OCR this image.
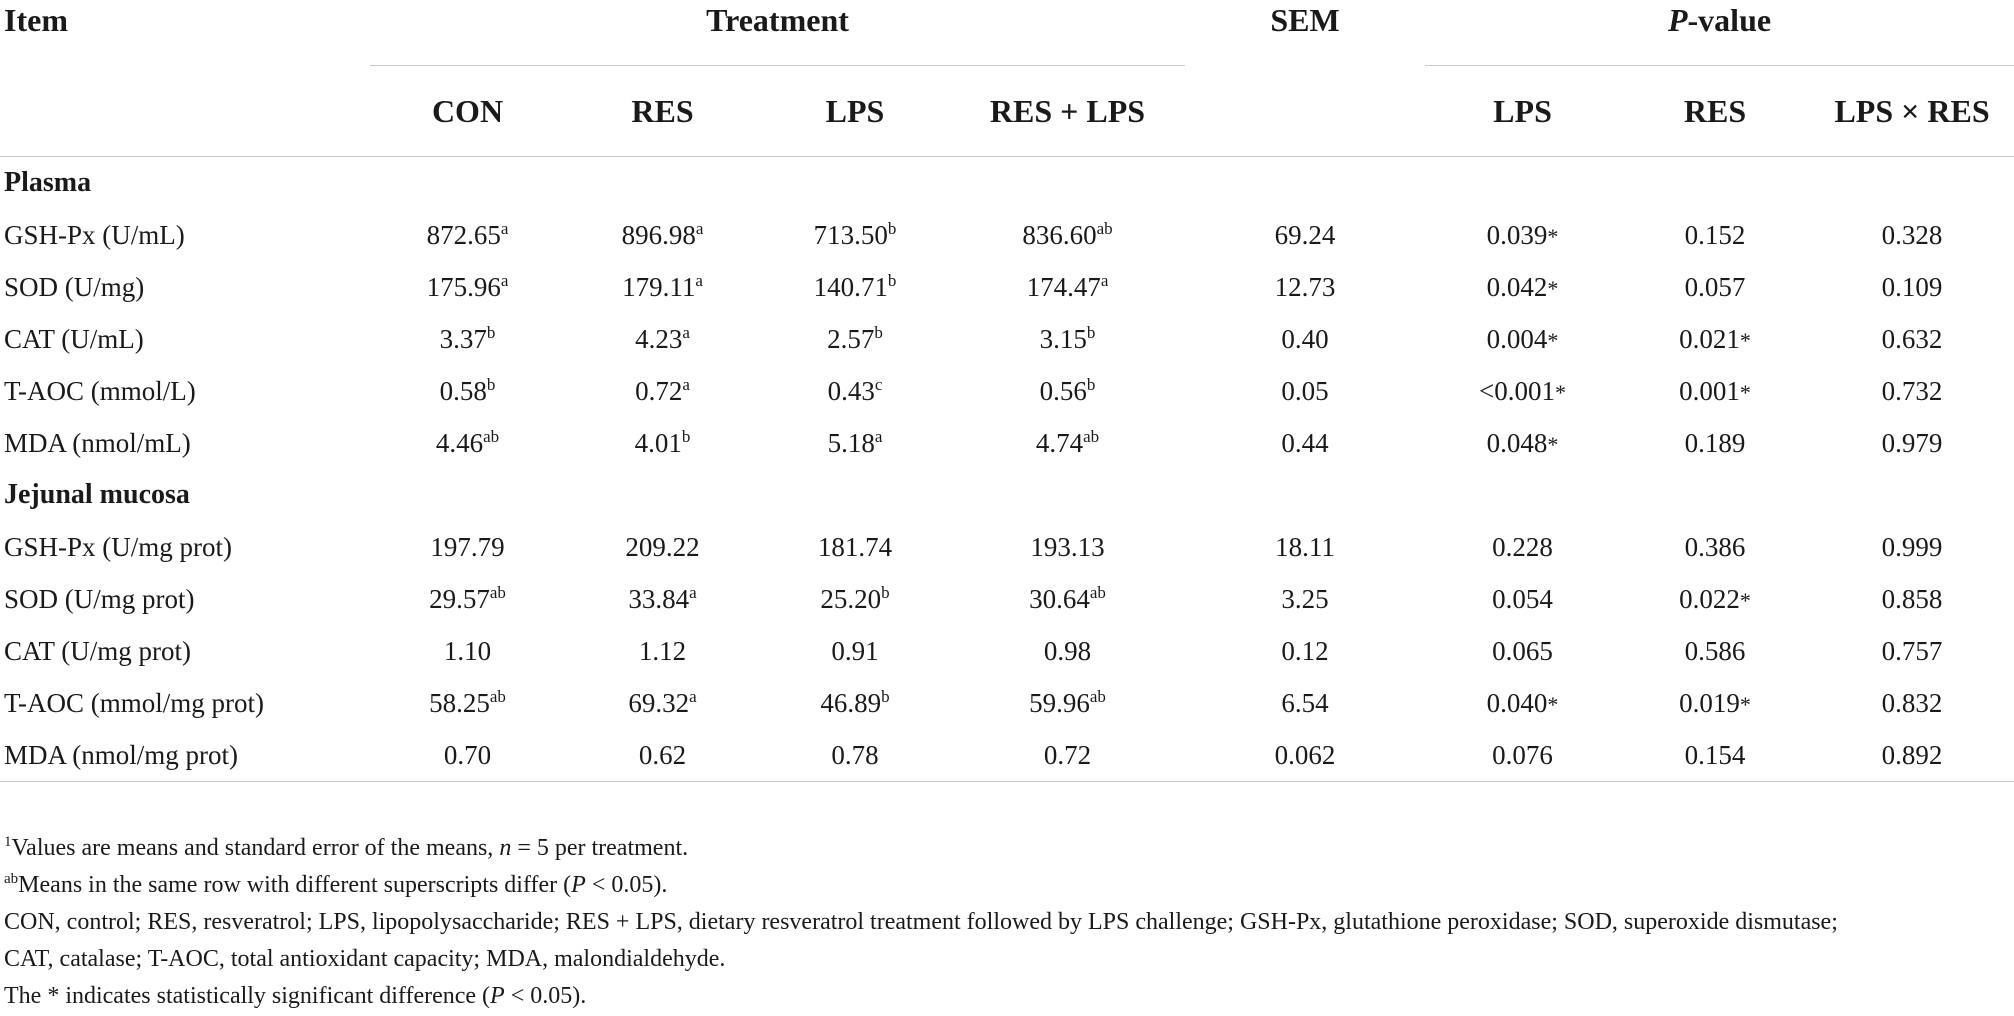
Item	Treatment				SEM	P-value		
	CON	RES	LPS	RES + LPS		LPS	RES	LPS × RES
Plasma								
GSH-Px (U/mL)	872.65$^a$	896.98$^a$	713.50$^b$	836.60$^{ab}$	69.24	0.039*	0.152	0.328
SOD (U/mg)	175.96$^a$	179.11$^a$	140.71$^b$	174.47$^a$	12.73	0.042*	0.057	0.109
CAT (U/mL)	3.37$^b$	4.23$^a$	2.57$^b$	3.15$^b$	0.40	0.004*	0.021*	0.632
T-AOC (mmol/L)	0.58$^b$	0.72$^a$	0.43$^c$	0.56$^b$	0.05	<0.001*	0.001*	0.732
MDA (nmol/mL)	4.46$^{ab}$	4.01$^b$	5.18$^a$	4.74$^{ab}$	0.44	0.048*	0.189	0.979
Jejunal mucosa								
GSH-Px (U/mg prot)	197.79	209.22	181.74	193.13	18.11	0.228	0.386	0.999
SOD (U/mg prot)	29.57$^{ab}$	33.84$^a$	25.20$^b$	30.64$^{ab}$	3.25	0.054	0.022*	0.858
CAT (U/mg prot)	1.10	1.12	0.91	0.98	0.12	0.065	0.586	0.757
T-AOC (mmol/mg prot)	58.25$^{ab}$	69.32$^a$	46.89$^b$	59.96$^{ab}$	6.54	0.040*	0.019*	0.832
MDA (nmol/mg prot)	0.70	0.62	0.78	0.72	0.062	0.076	0.154	0.892

$^1$Values are means and standard error of the means, n = 5 per treatment.

$^{ab}$Means in the same row with different superscripts differ (P < 0.05).

CON, control; RES, resveratrol; LPS, lipopolysaccharide; RES + LPS, dietary resveratrol treatment followed by LPS challenge; GSH-Px, glutathione peroxidase; SOD, superoxide dismutase;

CAT, catalase; T-AOC, total antioxidant capacity; MDA, malondialdehyde.

The * indicates statistically significant difference (P < 0.05).
